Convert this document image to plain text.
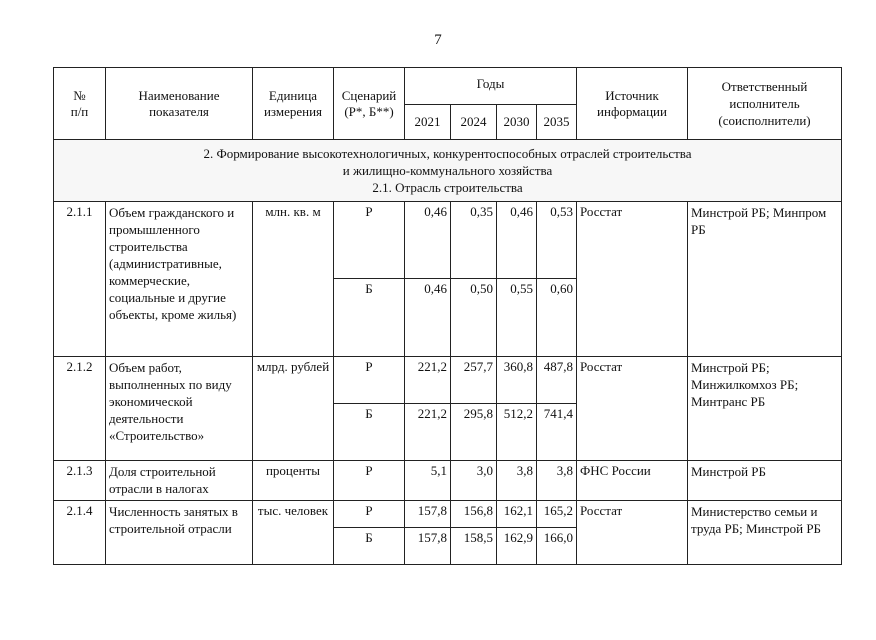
7
№
п/п	Наименование показателя	Единица измерения	Сценарий (Р*, Б**)	Годы				Источник информации	Ответственный исполнитель (соисполнители)
				2021	2024	2030	2035		

2. Формирование высокотехнологичных, конкурентоспособных отраслей строительства
и жилищно-коммунального хозяйства
2.1. Отрасль строительства									

2.1.1	Объем гражданского и промышленного строительства (административные, коммерческие, социальные и другие объекты, кроме жилья)	млн. кв. м	Р	0,46	0,35	0,46	0,53	Росстат	Минстрой РБ; Минпром РБ
			Б	0,46	0,50	0,55	0,60		
2.1.2	Объем работ, выполненных по виду экономической деятельности «Строительство»	млрд. рублей	Р	221,2	257,7	360,8	487,8	Росстат	Минстрой РБ; Минжилкомхоз РБ; Минтранс РБ
			Б	221,2	295,8	512,2	741,4		
2.1.3	Доля строительной отрасли в налогах	проценты	Р	5,1	3,0	3,8	3,8	ФНС России	Минстрой РБ
2.1.4	Численность занятых в строительной отрасли	тыс. человек	Р	157,8	156,8	162,1	165,2	Росстат	Министерство семьи и труда РБ; Минстрой РБ
			Б	157,8	158,5	162,9	166,0		
